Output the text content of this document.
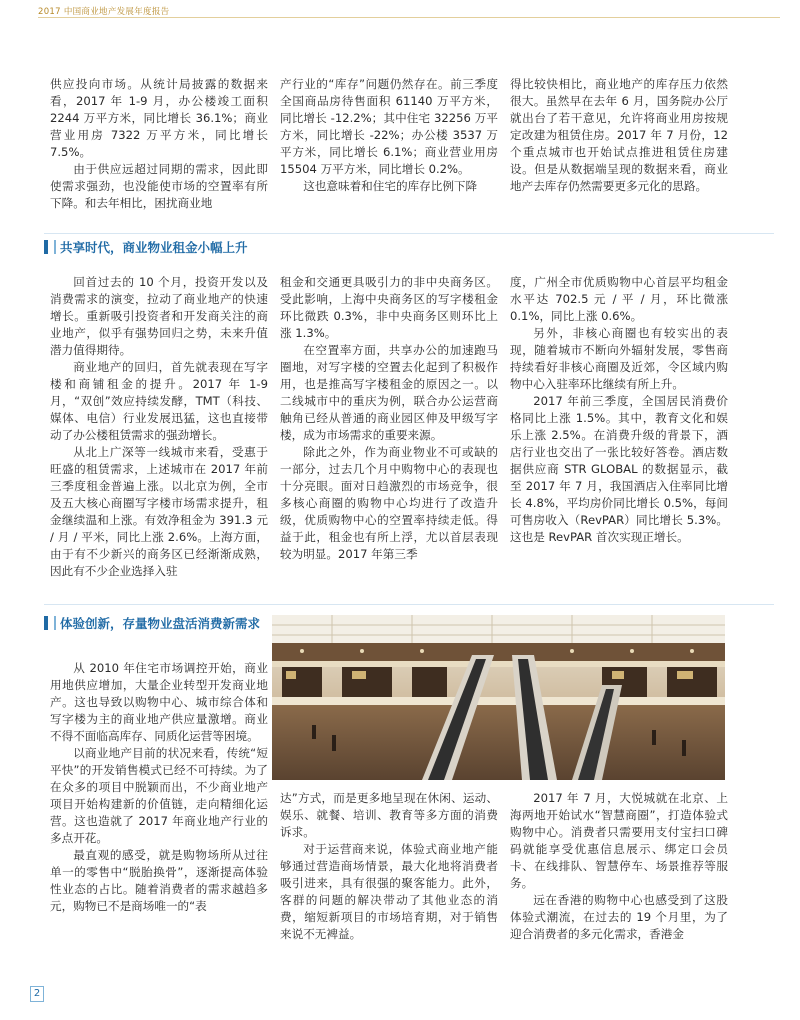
2017 中国商业地产发展年度报告

供应投向市场。从统计局披露的数据来看，2017 年 1-9 月，办公楼竣工面积 2244 万平方米，同比增长 36.1%；商业营业用房 7322 万平方米，同比增长 7.5%。

由于供应远超过同期的需求，因此即使需求强劲，也没能使市场的空置率有所下降。和去年相比，困扰商业地

产行业的“库存”问题仍然存在。前三季度全国商品房待售面积 61140 万平方米，同比增长 -12.2%；其中住宅 32256 万平方米，同比增长 -22%；办公楼 3537 万平方米，同比增长 6.1%；商业营业用房 15504 万平方米，同比增长 0.2%。

这也意味着和住宅的库存比例下降

得比较快相比，商业地产的库存压力依然很大。虽然早在去年 6 月，国务院办公厅就出台了若干意见，允许将商业用房按规定改建为租赁住房。2017 年 7 月份，12 个重点城市也开始试点推进租赁住房建设。但是从数据端呈现的数据来看，商业地产去库存仍然需要更多元化的思路。

共享时代，商业物业租金小幅上升

回首过去的 10 个月，投资开发以及消费需求的演变，拉动了商业地产的快速增长。重新吸引投资者和开发商关注的商业地产，似乎有强势回归之势，未来升值潜力值得期待。

商业地产的回归，首先就表现在写字楼和商铺租金的提升。2017 年 1-9 月，“双创”效应持续发酵，TMT（科技、媒体、电信）行业发展迅猛，这也直接带动了办公楼租赁需求的强劲增长。

从北上广深等一线城市来看，受惠于旺盛的租赁需求，上述城市在 2017 年前三季度租金普遍上涨。以北京为例，全市及五大核心商圈写字楼市场需求提升，租金继续温和上涨。有效净租金为 391.3 元 / 月 / 平米，同比上涨 2.6%。上海方面，由于有不少新兴的商务区已经渐渐成熟，因此有不少企业选择入驻

租金和交通更具吸引力的非中央商务区。受此影响，上海中央商务区的写字楼租金环比微跌 0.3%，非中央商务区则环比上涨 1.3%。

在空置率方面，共享办公的加速跑马圈地，对写字楼的空置去化起到了积极作用，也是推高写字楼租金的原因之一。以二线城市中的重庆为例，联合办公运营商触角已经从普通的商业园区伸及甲级写字楼，成为市场需求的重要来源。

除此之外，作为商业物业不可或缺的一部分，过去几个月中购物中心的表现也十分亮眼。面对日趋激烈的市场竞争，很多核心商圈的购物中心均进行了改造升级，优质购物中心的空置率持续走低。得益于此，租金也有所上浮，尤以首层表现较为明显。2017 年第三季

度，广州全市优质购物中心首层平均租金水平达 702.5 元 / 平 / 月，环比微涨 0.1%，同比上涨 0.6%。

另外，非核心商圈也有较实出的表现，随着城市不断向外辐射发展，零售商持续看好非核心商圈及近郊，令区域内购物中心入驻率环比继续有所上升。

2017 年前三季度，全国居民消费价格同比上涨 1.5%。其中，教育文化和娱乐上涨 2.5%。在消费升级的背景下，酒店行业也交出了一张比较好答卷。酒店数据供应商 STR GLOBAL 的数据显示，截至 2017 年 7 月，我国酒店入住率同比增长 4.8%，平均房价同比增长 0.5%，每间可售房收入（RevPAR）同比增长 5.3%。这也是 RevPAR 首次实现正增长。

体验创新，存量物业盘活消费新需求

从 2010 年住宅市场调控开始，商业用地供应增加，大量企业转型开发商业地产。这也导致以购物中心、城市综合体和写字楼为主的商业地产供应量激增。商业不得不面临高库存、同质化运营等困境。

以商业地产目前的状况来看，传统“短平快”的开发销售模式已经不可持续。为了在众多的项目中脱颖而出，不少商业地产项目开始构建新的价值链，走向精细化运营。这也造就了 2017 年商业地产行业的多点开花。

最直观的感受，就是购物场所从过往单一的零售中“脱胎换骨”，逐渐提高体验性业态的占比。随着消费者的需求越趋多元，购物已不是商场唯一的“表

达”方式，而是更多地呈现在休闲、运动、娱乐、就餐、培训、教育等多方面的消费诉求。

对于运营商来说，体验式商业地产能够通过营造商场情景，最大化地将消费者吸引进来，具有很强的聚客能力。此外，客群的问题的解决带动了其他业态的消费，缩短新项目的市场培育期，对于销售来说不无裨益。

2017 年 7 月，大悦城就在北京、上海两地开始试水“智慧商圈”，打造体验式购物中心。消费者只需要用支付宝扫口碑码就能享受优惠信息展示、绑定口会员卡、在线排队、智慧停车、场景推荐等服务。

远在香港的购物中心也感受到了这股体验式潮流，在过去的 19 个月里，为了迎合消费者的多元化需求，香港金

2
